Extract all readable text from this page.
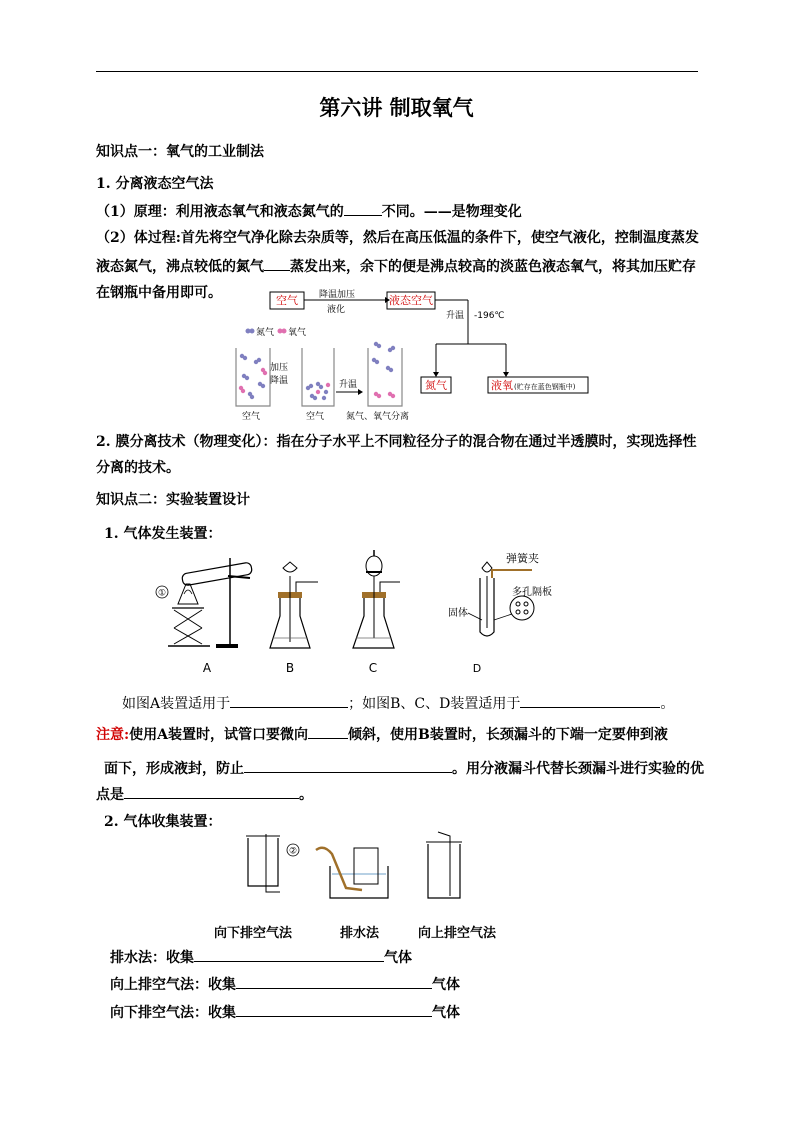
第六讲 制取氧气
知识点一：氧气的工业制法
1. 分离液态空气法
（1）原理：利用液态氧气和液态氮气的	不同。——是物理变化
（2）体过程:首先将空气净化除去杂质等，然后在高压低温的条件下，使空气液化，控制温度蒸发
液态氮气，沸点较低的氮气 蒸发出来，余下的便是沸点较高的淡蓝色液态氧气，将其加压贮存
在钢瓶中备用即可。	空气 降温加压
液化
液态空气
升温 -196℃
氮气	液氧 (贮存在蓝色钢瓶中)
氮气 氧气
加压
降温	升温
空气	空气 氮气、氧气分离
2. 膜分离技术（物理变化）：指在分子水平上不同粒径分子的混合物在通过半透膜时，实现选择性
分离的技术。
知识点二：实验装置设计
1. 气体发生装置：
①
A	B	C
弹簧夹
多孔隔板
固体
D
如图A装置适用于	；如图B、C、D装置适用于	。
注意:使用A装置时，试管口要微向	倾斜，使用B装置时，长颈漏斗的下端一定要伸到液
面下，形成液封，防止	。用分液漏斗代替长颈漏斗进行实验的优
点是	。
2. 气体收集装置：
②
向下排空气法	排水法	向上排空气法
排水法：收集	气体
向上排空气法：收集	气体
向下排空气法：收集	气体
